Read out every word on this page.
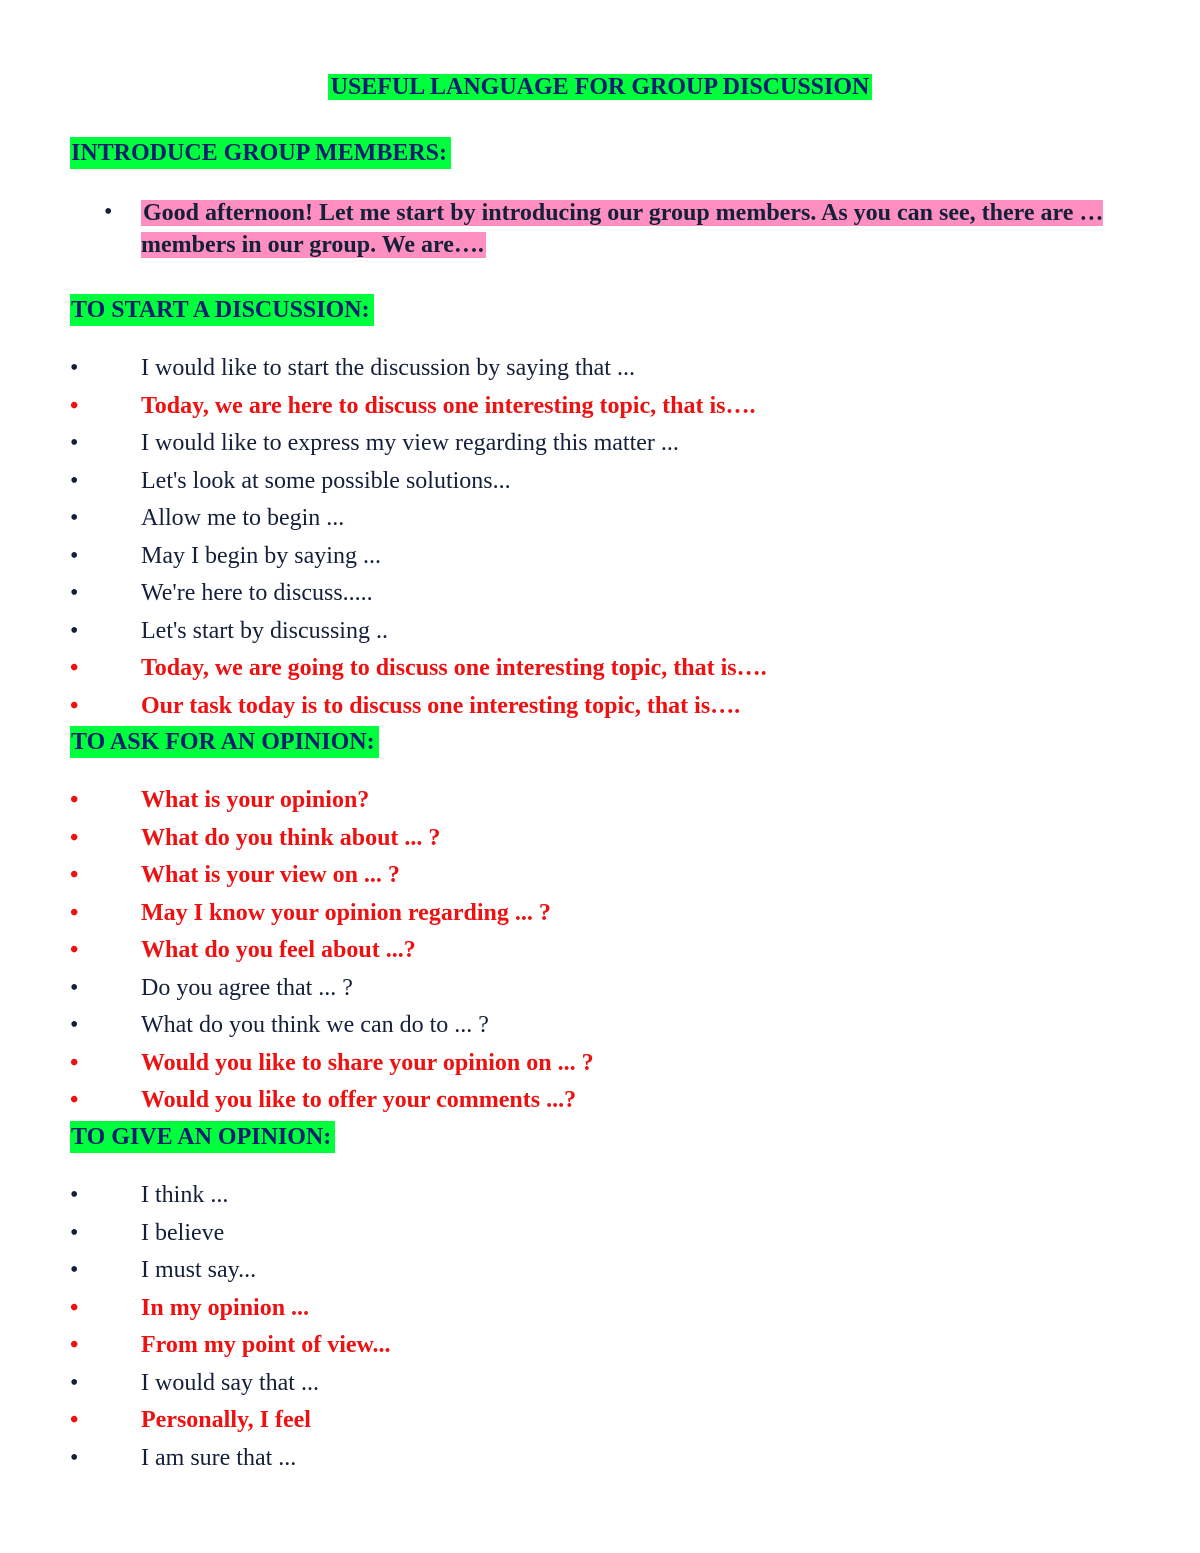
USEFUL LANGUAGE FOR GROUP DISCUSSION
INTRODUCE GROUP MEMBERS:
• Good afternoon! Let me start by introducing our group members. As you can see, there are … members in our group. We are….
TO START A DISCUSSION:
•	I would like to start the discussion by saying that ...
•	Today, we are here to discuss one interesting topic, that is….
•	I would like to express my view regarding this matter ...
•	Let's look at some possible solutions...
•	Allow me to begin ...
•	May I begin by saying ...
•	We're here to discuss.....
•	Let's start by discussing ..
•	Today, we are going to discuss one interesting topic, that is….
•	Our task today is to discuss one interesting topic, that is….
TO ASK FOR AN OPINION:
•	What is your opinion?
•	What do you think about ... ?
•	What is your view on ... ?
•	May I know your opinion regarding ... ?
•	What do you feel about ...?
•	Do you agree that ... ?
•	What do you think we can do to ... ?
•	Would you like to share your opinion on ... ?
•	Would you like to offer your comments ...?
TO GIVE AN OPINION:
•	I think ...
•	I believe
•	I must say...
•	In my opinion ...
•	From my point of view...
•	I would say that ...
•	Personally, I feel
•	I am sure that ...
